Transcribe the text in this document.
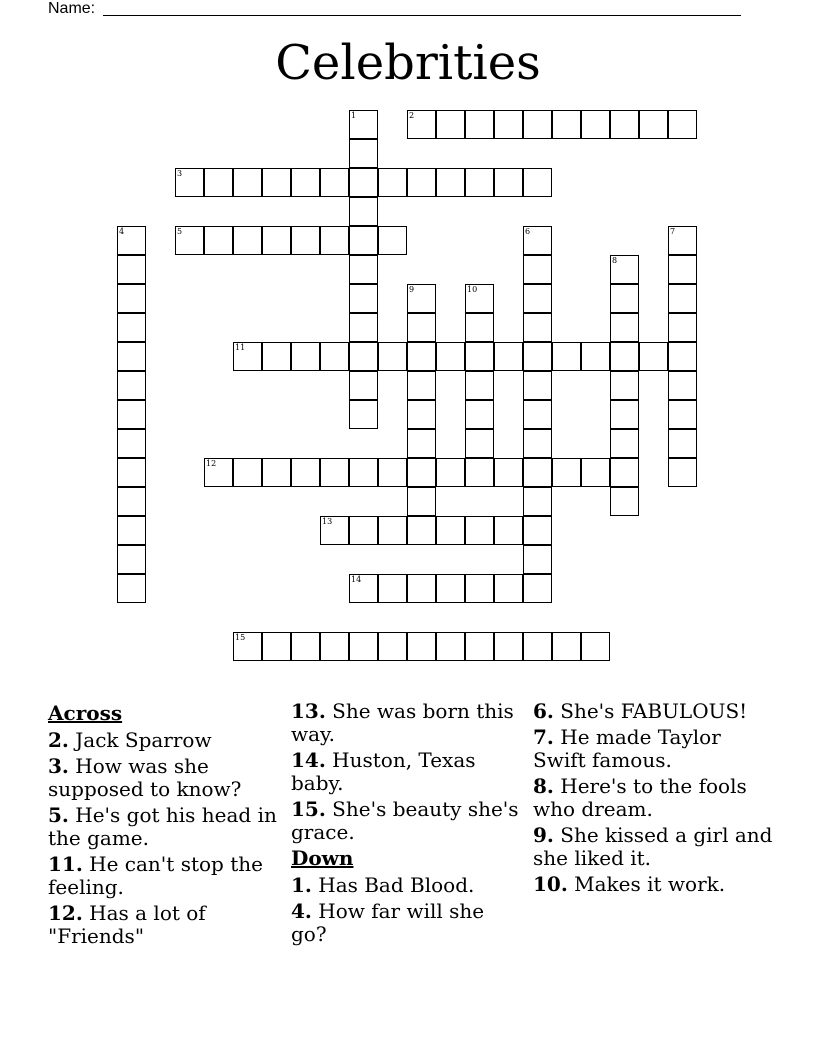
Name:
Celebrities
1	2
3
4	5	6	7
8
9	10
11
12
13
14
15
Across
2. Jack Sparrow
3. How was she supposed to know?
5. He's got his head in the game.
11. He can't stop the feeling.
12. Has a lot of "Friends"
13. She was born this way.
14. Huston, Texas baby.
15. She's beauty she's grace.
Down
1. Has Bad Blood.
4. How far will she go?
6. She's FABULOUS!
7. He made Taylor Swift famous.
8. Here's to the fools who dream.
9. She kissed a girl and she liked it.
10. Makes it work.
